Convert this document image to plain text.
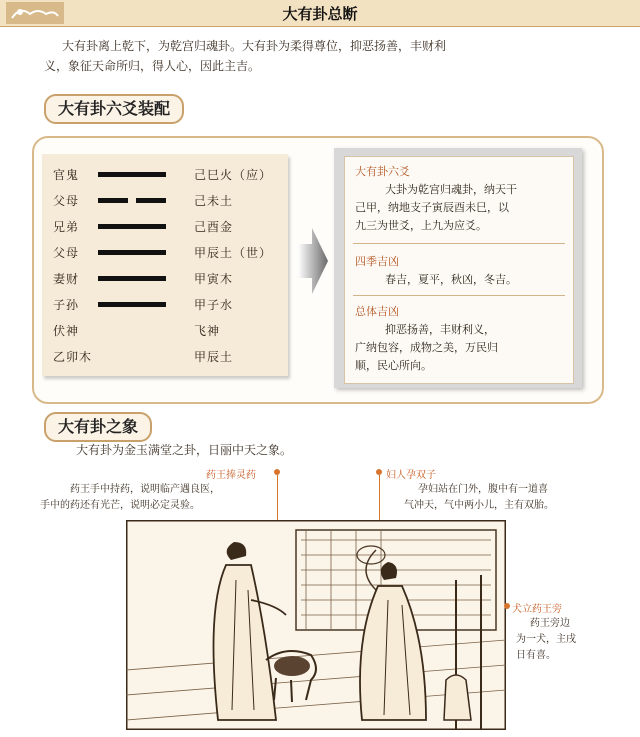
大有卦总断
大有卦离上乾下，为乾宫归魂卦。大有卦为柔得尊位，抑恶扬善，丰财利
义，象征天命所归，得人心，因此主吉。
大有卦六爻装配
官鬼	己巳火（应）
父母	己未土
兄弟	己酉金
父母	甲辰土（世）
妻财	甲寅木
子孙	甲子水
伏神	飞神
乙卯木	甲辰土
大有卦六爻
大卦为乾宫归魂卦，纳天干
己甲，纳地支子寅辰酉未巳，以
九三为世爻，上九为应爻。
四季吉凶
春吉，夏平，秋凶，冬吉。
总体吉凶
抑恶扬善，丰财利义，
广纳包容，成物之美，万民归
顺，民心所向。
大有卦之象
大有卦为金玉满堂之卦，日丽中天之象。
药王捧灵药
药王手中持药，说明临产遇良医，
手中的药还有光芒，说明必定灵验。
妇人孕双子
孕妇站在门外，腹中有一道喜
气冲天，气中两小儿，主有双胎。
犬立药王旁
药王旁边
为一犬，主戌
日有喜。
